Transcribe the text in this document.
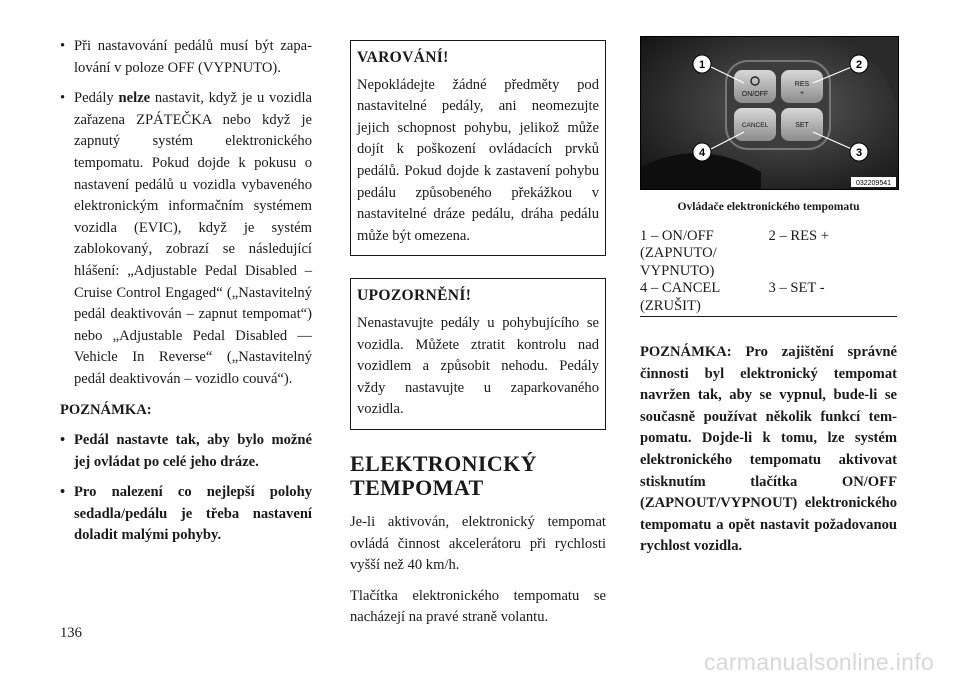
• Při nastavování pedálů musí být zapalování v poloze OFF (VYPNUTO).
• Pedály nelze nastavit, když je u vozidla zařazena ZPÁTEČKA nebo když je zapnutý systém elektronického tempomatu. Pokud dojde k pokusu o nastavení pedálů u vozidla vybaveného elektronickým informačním systémem vozidla (EVIC), když je systém zablokovaný, zobrazí se následující hlášení: „Adjustable Pedal Disabled – Cruise Control Engaged“ („Nastavitelný pedál deaktivován – zapnut tempomat“) nebo „Adjustable Pedal Disabled — Vehicle In Reverse“ („Nastavitelný pedál deaktivován – vozidlo couvá“).
POZNÁMKA:
• Pedál nastavte tak, aby bylo možné jej ovládat po celé jeho dráze.
• Pro nalezení co nejlepší polohy sedadla/pedálu je třeba nastavení doladit malými pohyby.
VAROVÁNÍ!

Nepokládejte žádné předměty pod nastavitelné pedály, ani neomezujte jejich schopnost pohybu, jelikož může dojít k poškození ovládacích prvků pedálů. Pokud dojde k zastavení pohybu pedálu způsobeného překážkou v nastavitelné dráze pedálu, dráha pedálu může být omezena.

UPOZORNĚNÍ!

Nenastavujte pedály u pohybujícího se vozidla. Můžete ztratit kontrolu nad vozidlem a způsobit nehodu. Pedály vždy nastavujte u zaparkovaného vozidla.

ELEKTRONICKÝ TEMPOMAT

Je-li aktivován, elektronický tempomat ovládá činnost akcelerátoru při rychlosti vyšší než 40 km/h.

Tlačítka elektronického tempomatu se nacházejí na pravé straně volantu.

ON/OFF
RES
+
CANCEL	SET
1	2
3
4
032209541
Ovládače elektronického tempomatu
1 – ON/OFF (ZAPNUTO/ VYPNUTO)	2 – RES +
4 – CANCEL (ZRUŠIT)	3 – SET -

POZNÁMKA: Pro zajištění správné činnosti byl elektronický tempomat navržen tak, aby se vypnul, bude-li se současně používat několik funkcí tempomatu. Dojde-li k tomu, lze systém elektronického tempomatu aktivovat stisknutím tlačítka ON/OFF (ZAPNOUT/VYPNOUT) elektronického tempomatu a opět nastavit požadovanou rychlost vozidla.

136
carmanualsonline.info
